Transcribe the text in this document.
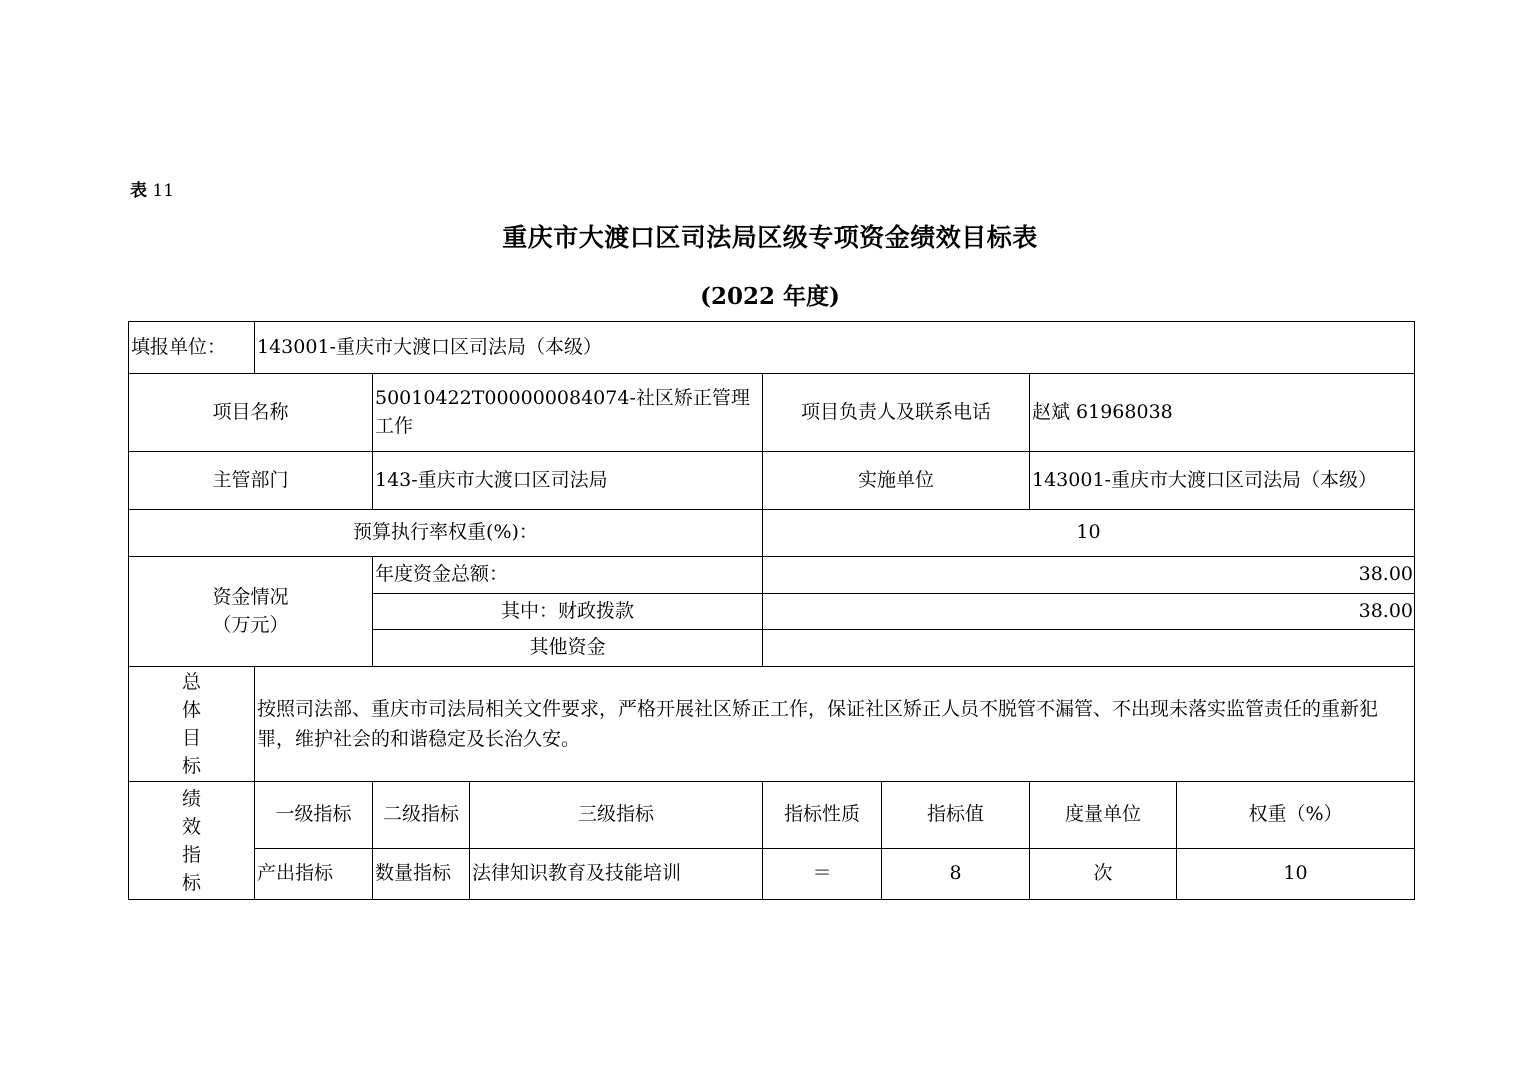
表 11
重庆市大渡口区司法局区级专项资金绩效目标表
(2022 年度)
填报单位：	143001-重庆市大渡口区司法局（本级）						
项目名称		50010422T000000084074-社区矫正管理工作		项目负责人及联系电话		赵斌 61968038	
主管部门		143-重庆市大渡口区司法局		实施单位		143001-重庆市大渡口区司法局（本级）	
预算执行率权重(%)：				10			

资金情况
（万元）		年度资金总额：		38.00			
		其中：财政拨款		38.00			
		其他资金					

总
体
目
标	按照司法部、重庆市司法局相关文件要求，严格开展社区矫正工作，保证社区矫正人员不脱管不漏管、不出现未落实监管责任的重新犯罪，维护社会的和谐稳定及长治久安。						

绩
效
指
标	一级指标	二级指标	三级指标	指标性质	指标值	度量单位	权重（%）
	产出指标	数量指标	法律知识教育及技能培训	＝	8	次	10
